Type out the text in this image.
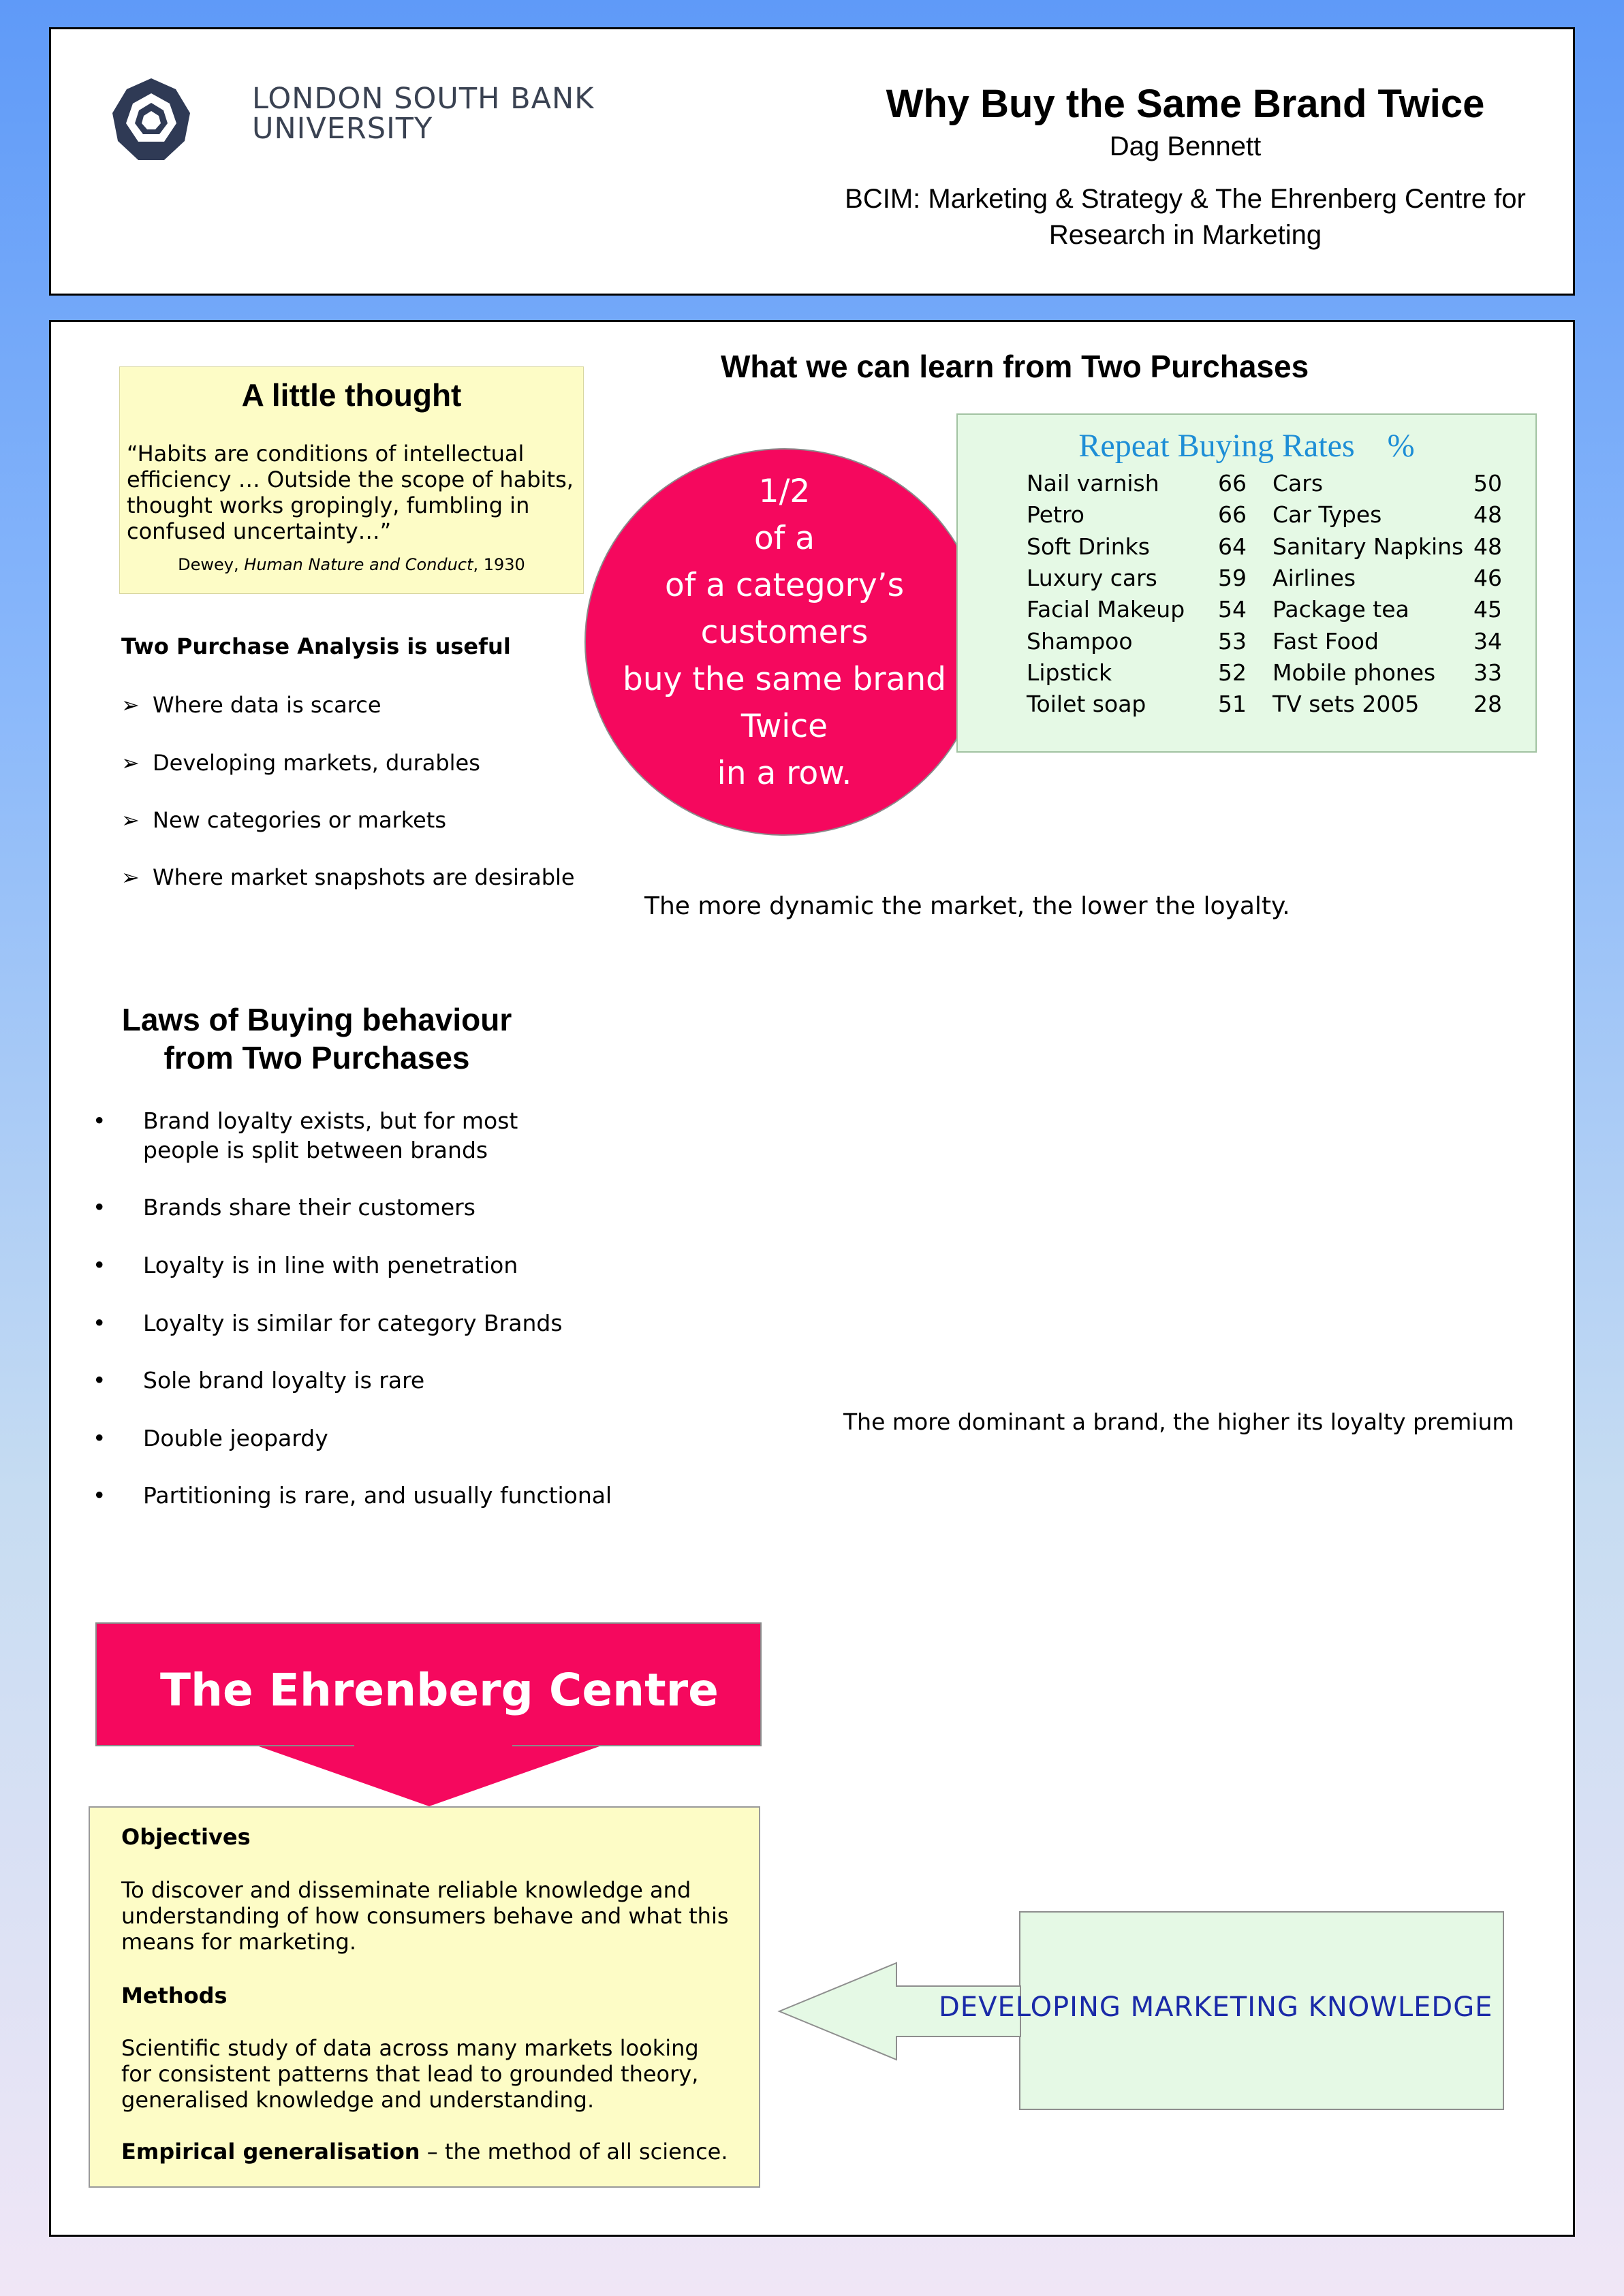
LONDON SOUTH BANK
UNIVERSITY
Why Buy the Same Brand Twice
Dag Bennett
BCIM: Marketing & Strategy & The Ehrenberg Centre for
Research in Marketing
A little thought
“Habits are conditions of intellectual
efficiency … Outside the scope of habits,
thought works gropingly, fumbling in
confused uncertainty…”
Dewey, Human Nature and Conduct, 1930
Two Purchase Analysis is useful
➢ Where data is scarce
➢ Developing markets, durables
➢ New categories or markets
➢ Where market snapshots are desirable
What we can learn from Two Purchases
1/2
of a
of a category’s
customers
buy the same brand
Twice
in a row.
Repeat Buying Rates    %
Nail varnish	66
Petro	66
Soft Drinks	64
Luxury cars	59
Facial Makeup	54
Shampoo	53
Lipstick	52
Toilet soap	51
Cars	50
Car Types	48
Sanitary Napkins 48
Airlines	46
Package tea	45
Fast Food	34
Mobile phones	33
TV sets 2005	28
The more dynamic the market, the lower the loyalty.
The more dominant a brand, the higher its loyalty premium
Laws of Buying behaviour
from Two Purchases
• Brand loyalty exists, but for most
people is split between brands
• Brands share their customers
• Loyalty is in line with penetration
• Loyalty is similar for category Brands
• Sole brand loyalty is rare
• Double jeopardy
• Partitioning is rare, and usually functional
The Ehrenberg Centre
Objectives
To discover and disseminate reliable knowledge and
understanding of how consumers behave and what this
means for marketing.
Methods
Scientific study of data across many markets looking
for consistent patterns that lead to grounded theory,
generalised knowledge and understanding.
Empirical generalisation – the method of all science.
DEVELOPING MARKETING KNOWLEDGE
